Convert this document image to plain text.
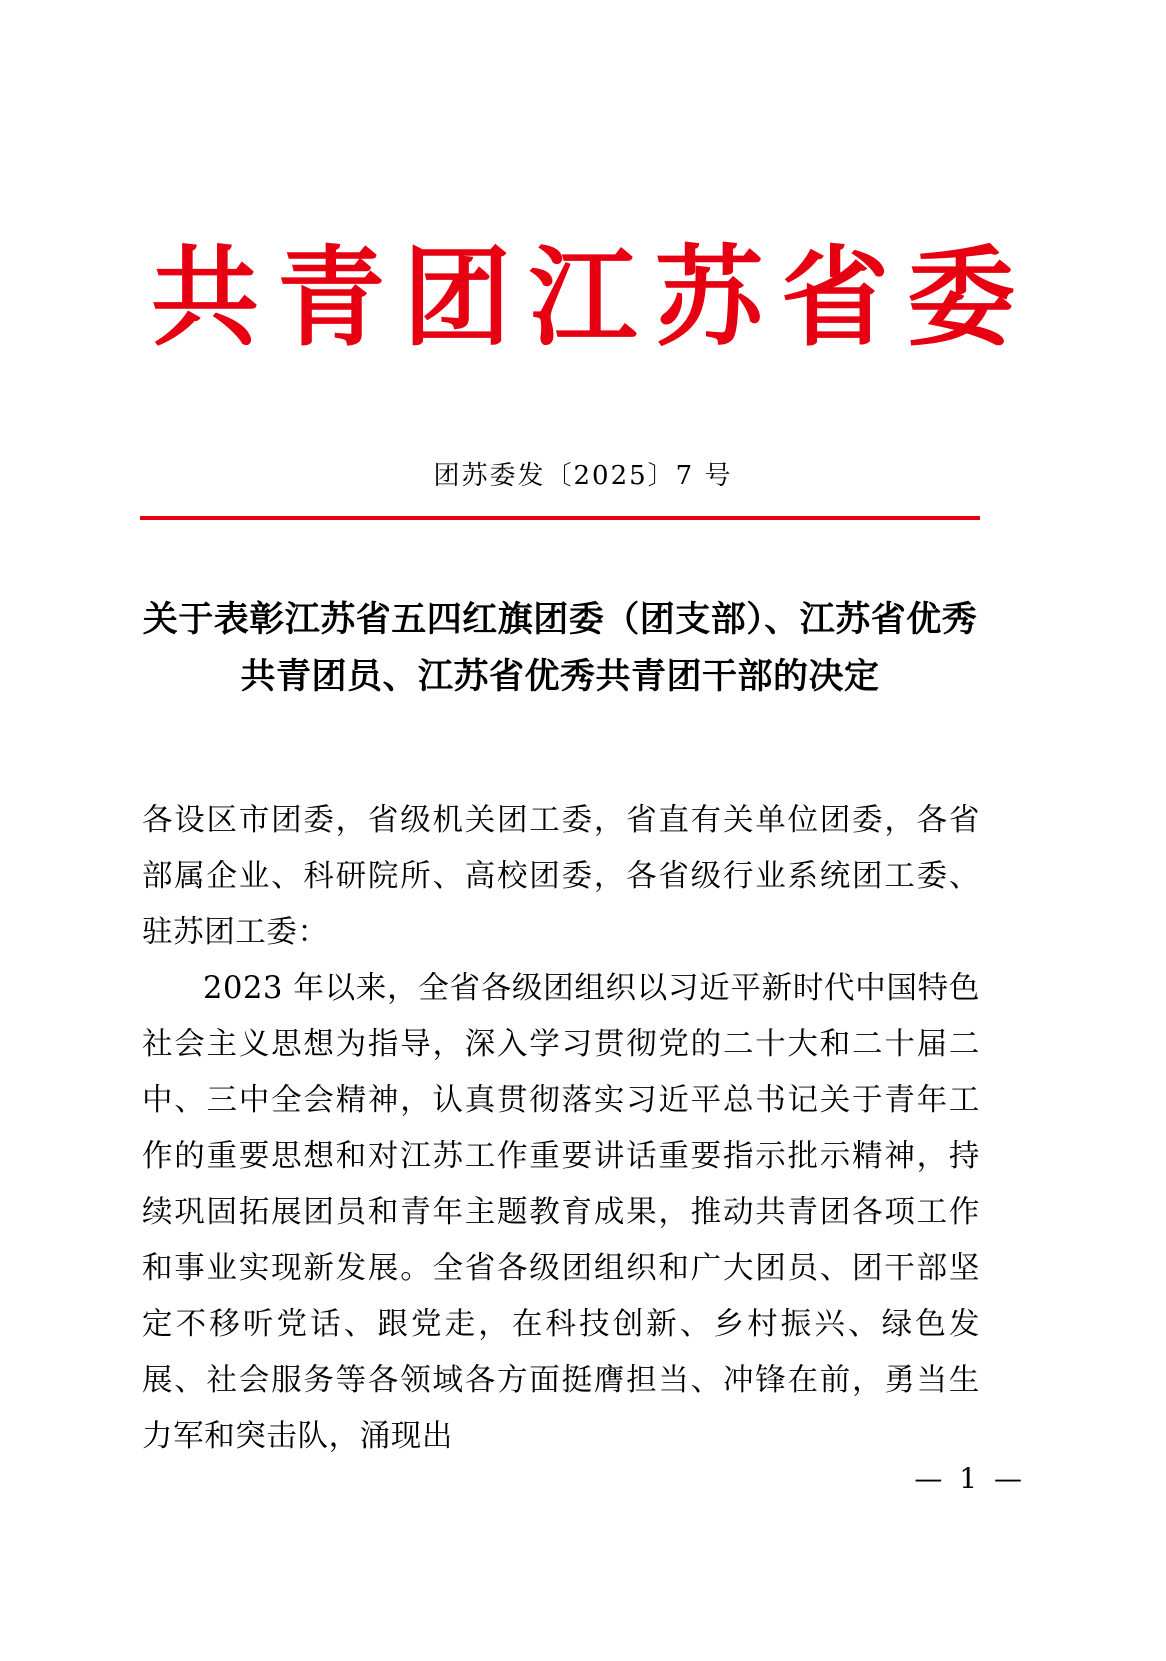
共青团江苏省委
团苏委发〔2025〕7 号
关于表彰江苏省五四红旗团委（团支部）、江苏省优秀共青团员、江苏省优秀共青团干部的决定

各设区市团委，省级机关团工委，省直有关单位团委，各省部属企业、科研院所、高校团委，各省级行业系统团工委、驻苏团工委：

2023 年以来，全省各级团组织以习近平新时代中国特色社会主义思想为指导，深入学习贯彻党的二十大和二十届二中、三中全会精神，认真贯彻落实习近平总书记关于青年工作的重要思想和对江苏工作重要讲话重要指示批示精神，持续巩固拓展团员和青年主题教育成果，推动共青团各项工作和事业实现新发展。全省各级团组织和广大团员、团干部坚定不移听党话、跟党走，在科技创新、乡村振兴、绿色发展、社会服务等各领域各方面挺膺担当、冲锋在前，勇当生力军和突击队，涌现出

— 1 —
